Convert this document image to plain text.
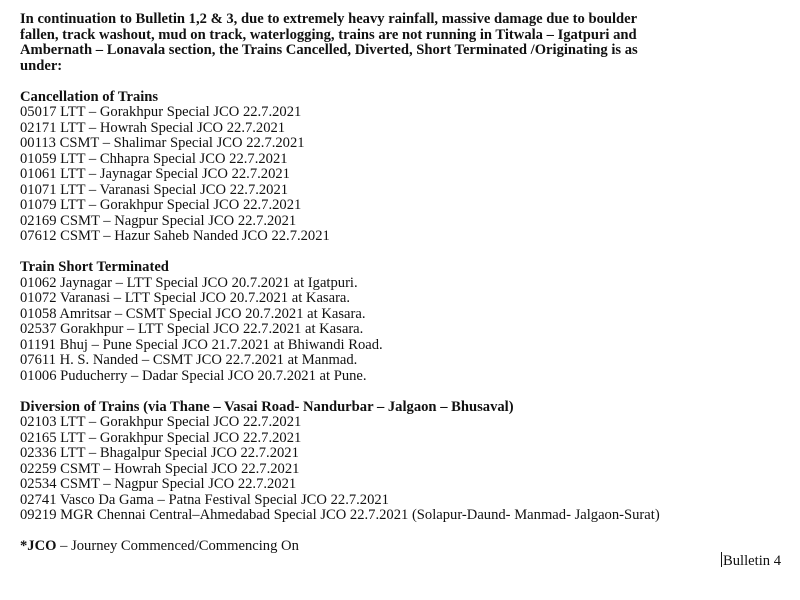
In continuation to Bulletin 1,2 & 3, due to extremely heavy rainfall, massive damage due to boulder
fallen, track washout, mud on track, waterlogging, trains are not running in Titwala – Igatpuri and
Ambernath – Lonavala section, the Trains Cancelled, Diverted, Short Terminated /Originating is as
under:
Cancellation of Trains
05017 LTT – Gorakhpur Special JCO 22.7.2021
02171 LTT – Howrah Special JCO 22.7.2021
00113 CSMT – Shalimar Special JCO 22.7.2021
01059 LTT – Chhapra Special JCO 22.7.2021
01061 LTT – Jaynagar Special JCO 22.7.2021
01071 LTT – Varanasi Special JCO 22.7.2021
01079 LTT – Gorakhpur Special JCO 22.7.2021
02169 CSMT – Nagpur Special JCO 22.7.2021
07612 CSMT – Hazur Saheb Nanded JCO 22.7.2021
Train Short Terminated
01062 Jaynagar – LTT Special JCO 20.7.2021 at Igatpuri.
01072 Varanasi – LTT Special JCO 20.7.2021 at Kasara.
01058 Amritsar – CSMT Special JCO 20.7.2021 at Kasara.
02537 Gorakhpur – LTT Special JCO 22.7.2021 at Kasara.
01191 Bhuj – Pune Special JCO 21.7.2021 at Bhiwandi Road.
07611 H. S. Nanded – CSMT JCO 22.7.2021 at Manmad.
01006 Puducherry – Dadar Special JCO 20.7.2021 at Pune.
Diversion of Trains (via Thane – Vasai Road- Nandurbar – Jalgaon – Bhusaval)
02103 LTT – Gorakhpur Special JCO 22.7.2021
02165 LTT – Gorakhpur Special JCO 22.7.2021
02336 LTT – Bhagalpur Special JCO 22.7.2021
02259 CSMT – Howrah Special JCO 22.7.2021
02534 CSMT – Nagpur Special JCO 22.7.2021
02741 Vasco Da Gama – Patna Festival Special JCO 22.7.2021
09219 MGR Chennai Central–Ahmedabad Special JCO 22.7.2021 (Solapur-Daund- Manmad- Jalgaon-Surat)
*JCO – Journey Commenced/Commencing On
Bulletin 4
